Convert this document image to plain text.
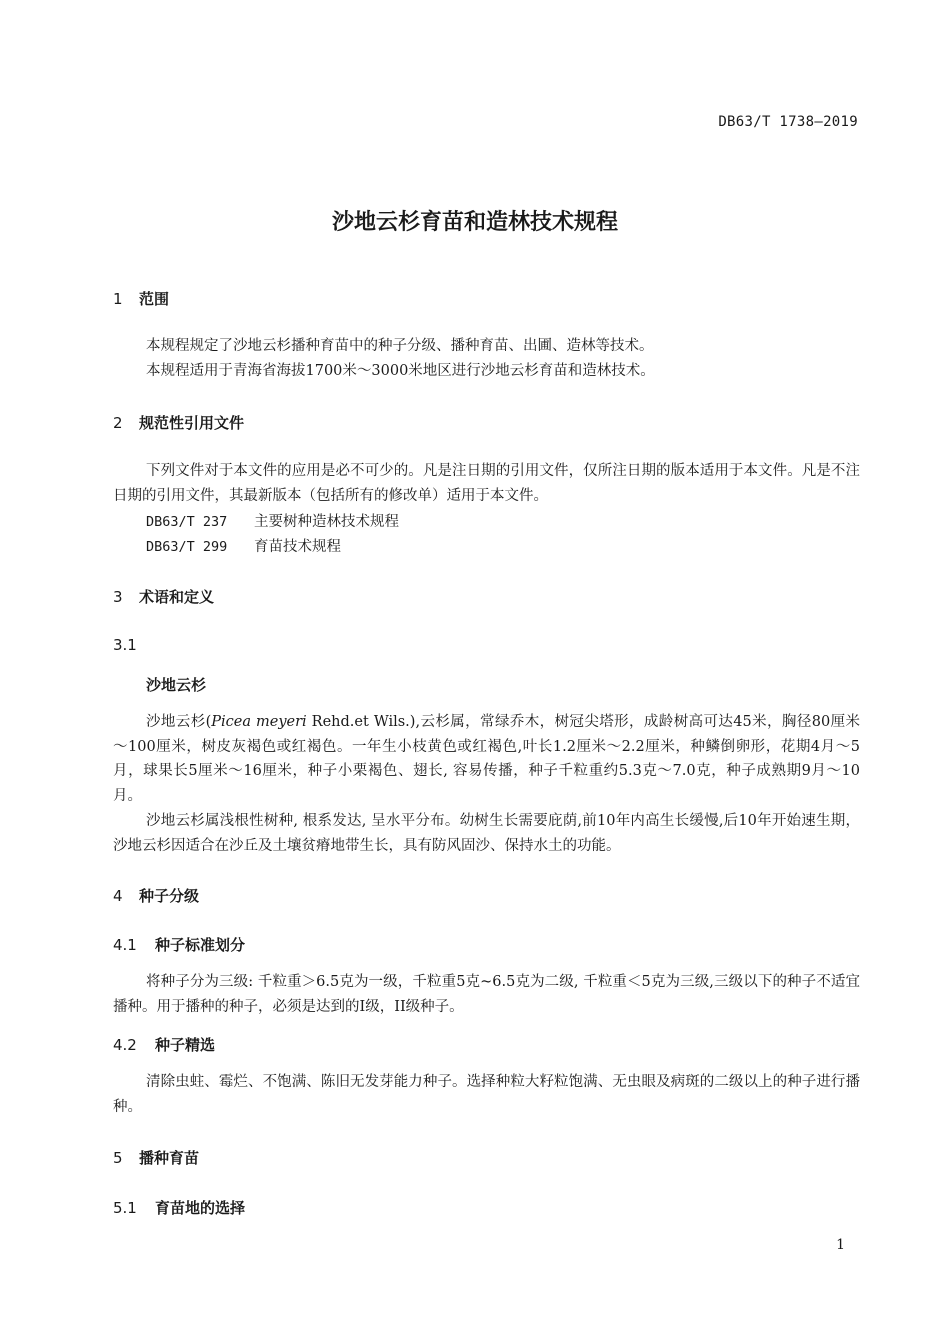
DB63/T 1738—2019
沙地云杉育苗和造林技术规程
1 范围

本规程规定了沙地云杉播种育苗中的种子分级、播种育苗、出圃、造林等技术。

本规程适用于青海省海拔1700米～3000米地区进行沙地云杉育苗和造林技术。

2 规范性引用文件

下列文件对于本文件的应用是必不可少的。凡是注日期的引用文件，仅所注日期的版本适用于本文件。凡是不注日期的引用文件，其最新版本（包括所有的修改单）适用于本文件。

DB63/T 237 主要树种造林技术规程

DB63/T 299 育苗技术规程

3 术语和定义
3.1
沙地云杉

沙地云杉(Picea meyeri Rehd.et Wils.),云杉属，常绿乔木，树冠尖塔形，成龄树高可达45米，胸径80厘米～100厘米，树皮灰褐色或红褐色。一年生小枝黄色或红褐色,叶长1.2厘米～2.2厘米，种鳞倒卵形，花期4月～5月，球果长5厘米～16厘米，种子小栗褐色、翅长, 容易传播，种子千粒重约5.3克～7.0克，种子成熟期9月～10月。

沙地云杉属浅根性树种, 根系发达, 呈水平分布。幼树生长需要庇荫,前10年内高生长缓慢,后10年开始速生期， 沙地云杉因适合在沙丘及土壤贫瘠地带生长，具有防风固沙、保持水土的功能。

4 种子分级
4.1 种子标准划分

将种子分为三级: 千粒重＞6.5克为一级，千粒重5克~6.5克为二级, 千粒重＜5克为三级,三级以下的种子不适宜播种。用于播种的种子，必须是达到的I级，II级种子。

4.2 种子精选

清除虫蛀、霉烂、不饱满、陈旧无发芽能力种子。选择种粒大籽粒饱满、无虫眼及病斑的二级以上的种子进行播种。

5 播种育苗
5.1 育苗地的选择
1
